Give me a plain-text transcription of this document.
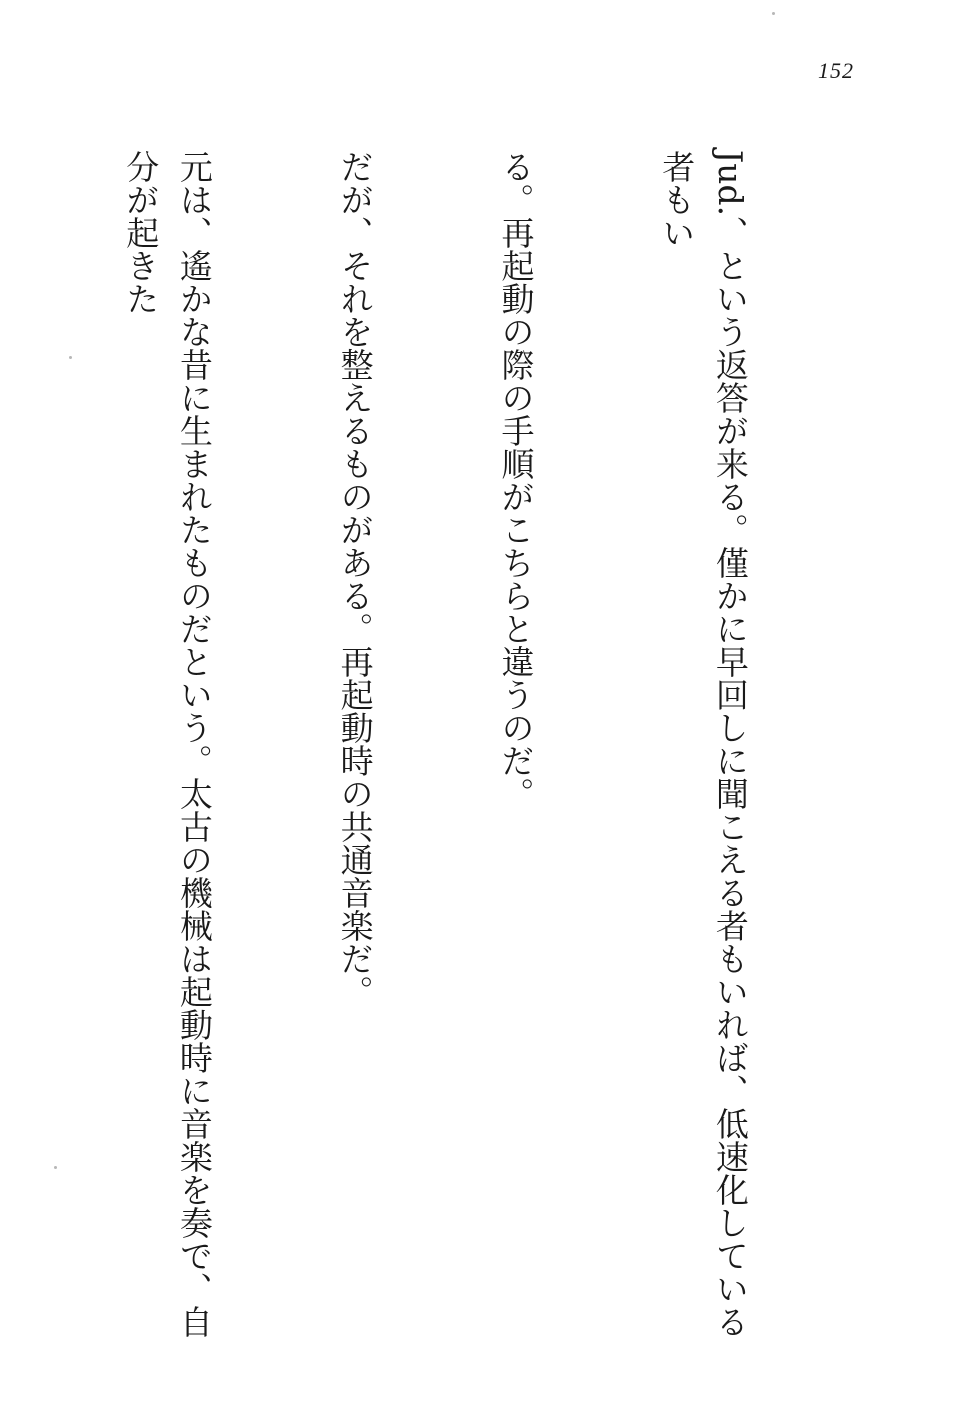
152

Jud.、という返答が来る。僅かに早回しに聞こえる者もいれば、低速化している者もい

る。再起動の際の手順がこちらと違うのだ。

だが、それを整えるものがある。再起動時の共通音楽だ。

元は、遙かな昔に生まれたものだという。太古の機械は起動時に音楽を奏で、自分が起きた
